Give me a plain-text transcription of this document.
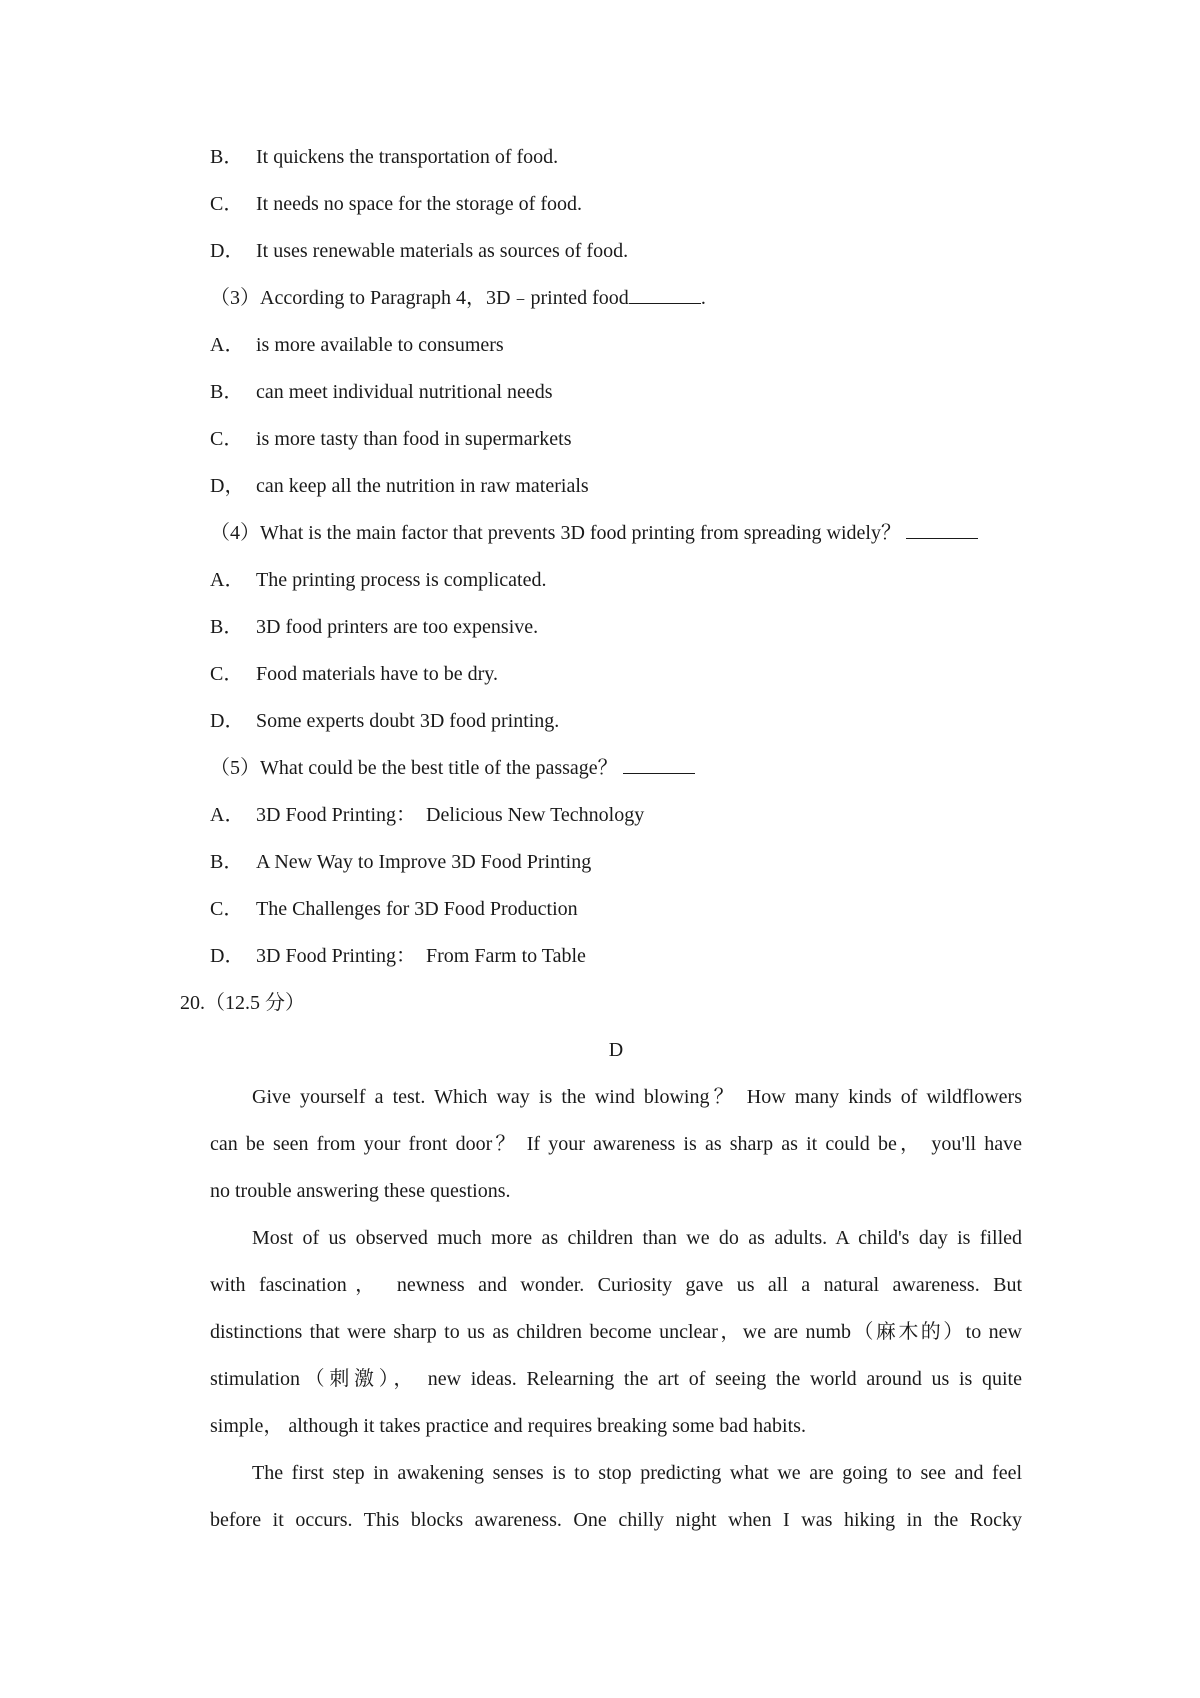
B． It quickens the transportation of food.
C． It needs no space for the storage of food.
D． It uses renewable materials as sources of food.
（3）According to Paragraph 4，3D﹣printed food	.
A． is more available to consumers
B． can meet individual nutritional needs
C． is more tasty than food in supermarkets
D， can keep all the nutrition in raw materials
（4）What is the main factor that prevents 3D food printing from spreading widely？
A． The printing process is complicated.
B． 3D food printers are too expensive.
C． Food materials have to be dry.
D． Some experts doubt 3D food printing.
（5）What could be the best title of the passage？
A． 3D Food Printing：  Delicious New Technology
B． A New Way to Improve 3D Food Printing
C． The Challenges for 3D Food Production
D． 3D Food Printing：  From Farm to Table
20.（12.5 分）
D
Give yourself a test. Which way is the wind blowing？ How many kinds of wildflowers
can be seen from your front door？ If your awareness is as sharp as it could be， you'll have
no trouble answering these questions.
Most of us observed much more as children than we do as adults. A child's day is filled
with fascination， newness and wonder. Curiosity gave us all a natural awareness. But
distinctions that were sharp to us as children become unclear，we are numb（麻木的）to new
stimulation（刺激）， new ideas. Relearning the art of seeing the world around us is quite
simple， although it takes practice and requires breaking some bad habits.
The first step in awakening senses is to stop predicting what we are going to see and feel
before it occurs. This blocks awareness. One chilly night when I was hiking in the Rocky
